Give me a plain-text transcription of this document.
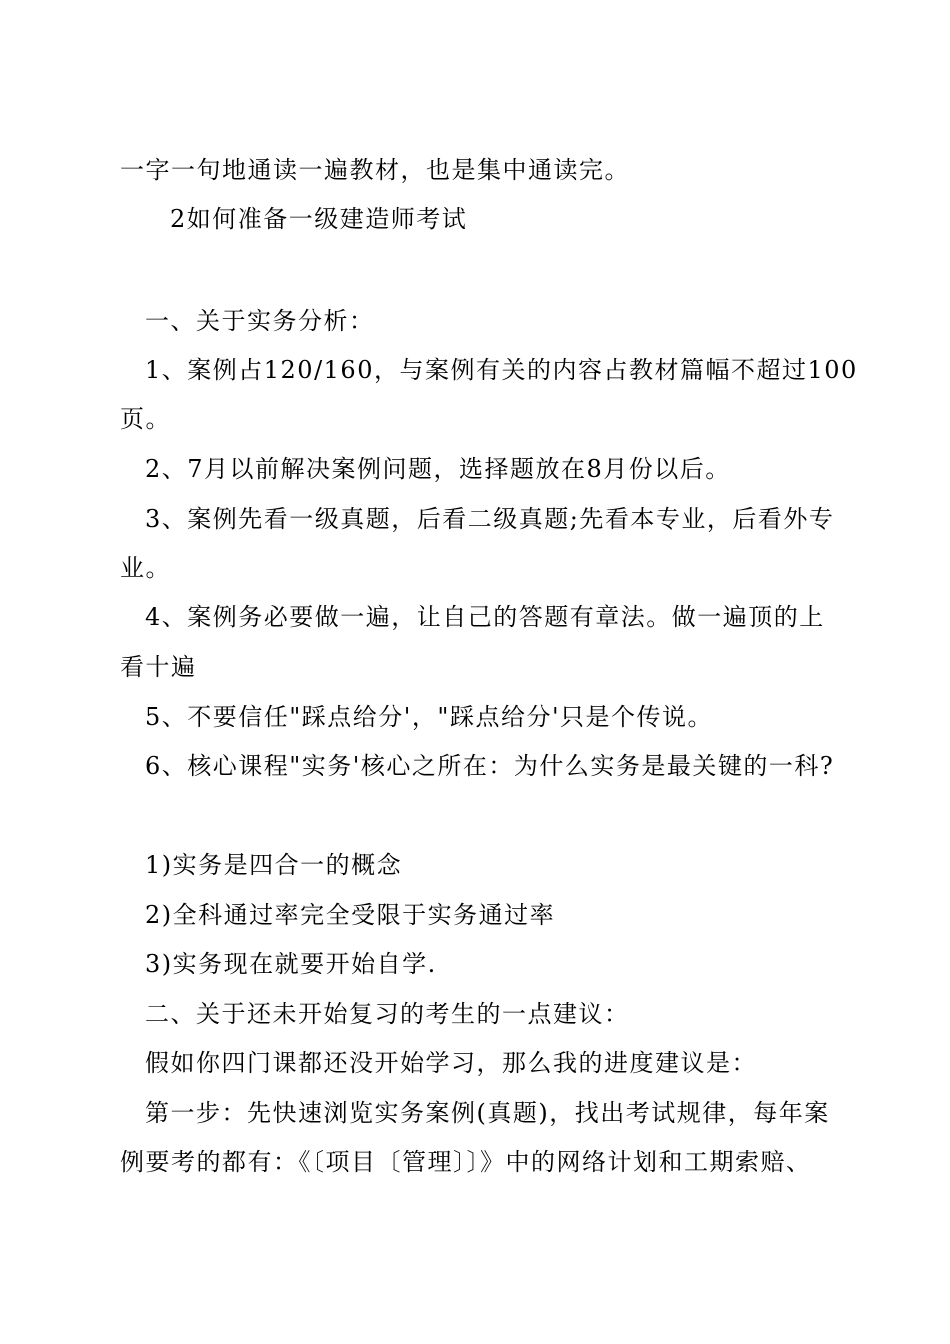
一字一句地通读一遍教材，也是集中通读完。
2如何准备一级建造师考试
一、关于实务分析：
1、案例占120/160，与案例有关的内容占教材篇幅不超过100
页。
2、7月以前解决案例问题，选择题放在8月份以后。
3、案例先看一级真题，后看二级真题;先看本专业，后看外专
业。
4、案例务必要做一遍，让自己的答题有章法。做一遍顶的上
看十遍
5、不要信任"踩点给分'，"踩点给分'只是个传说。
6、核心课程"实务'核心之所在：为什么实务是最关键的一科?
1)实务是四合一的概念
2)全科通过率完全受限于实务通过率
3)实务现在就要开始自学.
二、关于还未开始复习的考生的一点建议：
假如你四门课都还没开始学习，那么我的进度建议是：
第一步：先快速浏览实务案例(真题)，找出考试规律，每年案
例要考的都有：《〔项目〔管理〕〕》中的网络计划和工期索赔、
